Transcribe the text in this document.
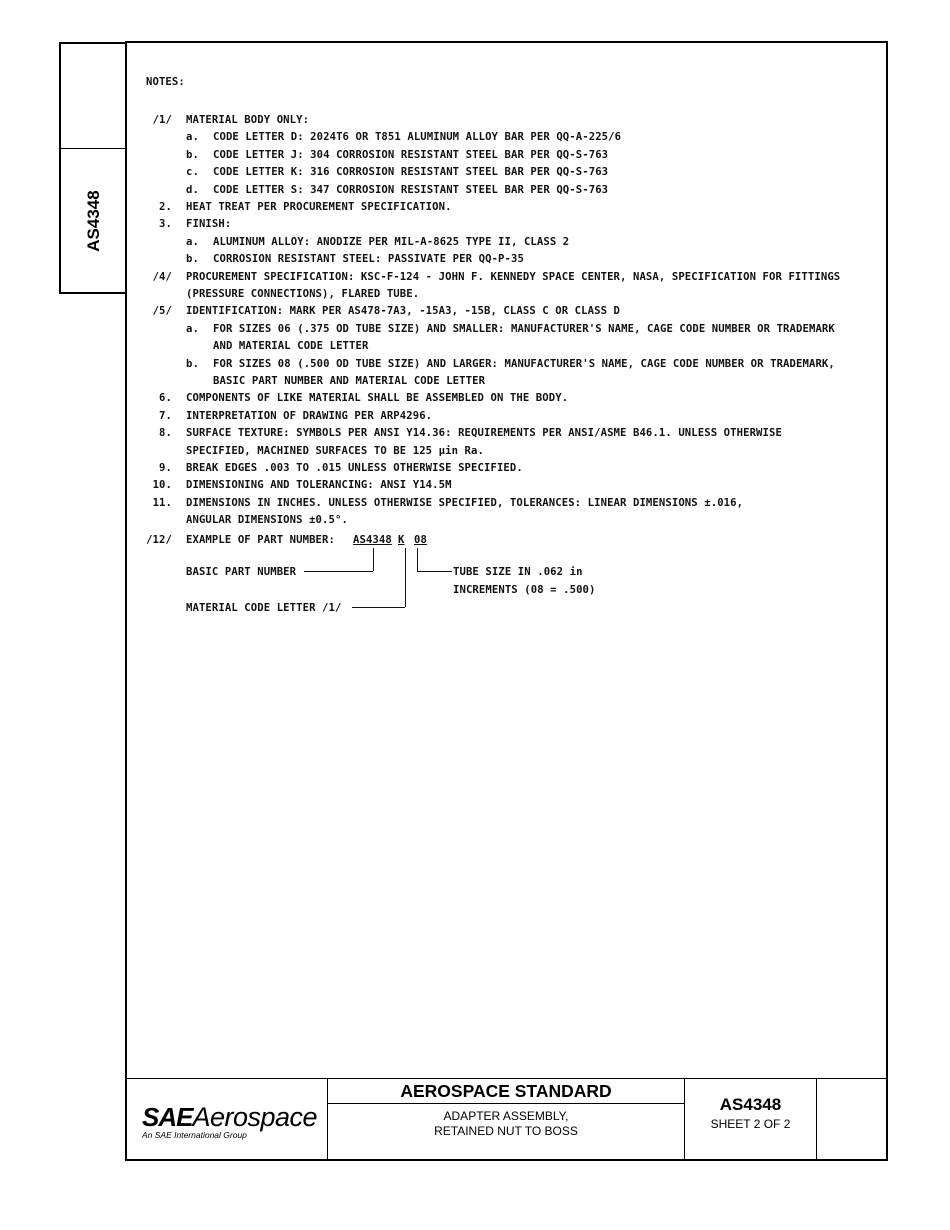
AS4348
NOTES:
/1/ MATERIAL BODY ONLY:
a. CODE LETTER D: 2024T6 OR T851 ALUMINUM ALLOY BAR PER QQ-A-225/6
b. CODE LETTER J: 304 CORROSION RESISTANT STEEL BAR PER QQ-S-763
c. CODE LETTER K: 316 CORROSION RESISTANT STEEL BAR PER QQ-S-763
d. CODE LETTER S: 347 CORROSION RESISTANT STEEL BAR PER QQ-S-763
2. HEAT TREAT PER PROCUREMENT SPECIFICATION.
3. FINISH:
a. ALUMINUM ALLOY: ANODIZE PER MIL-A-8625 TYPE II, CLASS 2
b. CORROSION RESISTANT STEEL: PASSIVATE PER QQ-P-35
/4/ PROCUREMENT SPECIFICATION: KSC-F-124 - JOHN F. KENNEDY SPACE CENTER, NASA, SPECIFICATION FOR FITTINGS
(PRESSURE CONNECTIONS), FLARED TUBE.
/5/ IDENTIFICATION: MARK PER AS478-7A3, -15A3, -15B, CLASS C OR CLASS D
a. FOR SIZES 06 (.375 OD TUBE SIZE) AND SMALLER: MANUFACTURER'S NAME, CAGE CODE NUMBER OR TRADEMARK
AND MATERIAL CODE LETTER
b. FOR SIZES 08 (.500 OD TUBE SIZE) AND LARGER: MANUFACTURER'S NAME, CAGE CODE NUMBER OR TRADEMARK,
BASIC PART NUMBER AND MATERIAL CODE LETTER
6. COMPONENTS OF LIKE MATERIAL SHALL BE ASSEMBLED ON THE BODY.
7. INTERPRETATION OF DRAWING PER ARP4296.
8. SURFACE TEXTURE: SYMBOLS PER ANSI Y14.36: REQUIREMENTS PER ANSI/ASME B46.1. UNLESS OTHERWISE
SPECIFIED, MACHINED SURFACES TO BE 125 μin Ra.
9. BREAK EDGES .003 TO .015 UNLESS OTHERWISE SPECIFIED.
10. DIMENSIONING AND TOLERANCING: ANSI Y14.5M
11. DIMENSIONS IN INCHES. UNLESS OTHERWISE SPECIFIED, TOLERANCES: LINEAR DIMENSIONS ±.016,
ANGULAR DIMENSIONS ±0.5°.
/12/ EXAMPLE OF PART NUMBER: AS4348 K 08
BASIC PART NUMBER	TUBE SIZE IN .062 in
INCREMENTS (08 = .500)
MATERIAL CODE LETTER /1/
SAEAerospace
An SAE International Group
AEROSPACE STANDARD
ADAPTER ASSEMBLY,
RETAINED NUT TO BOSS
AS4348
SHEET 2 OF 2
